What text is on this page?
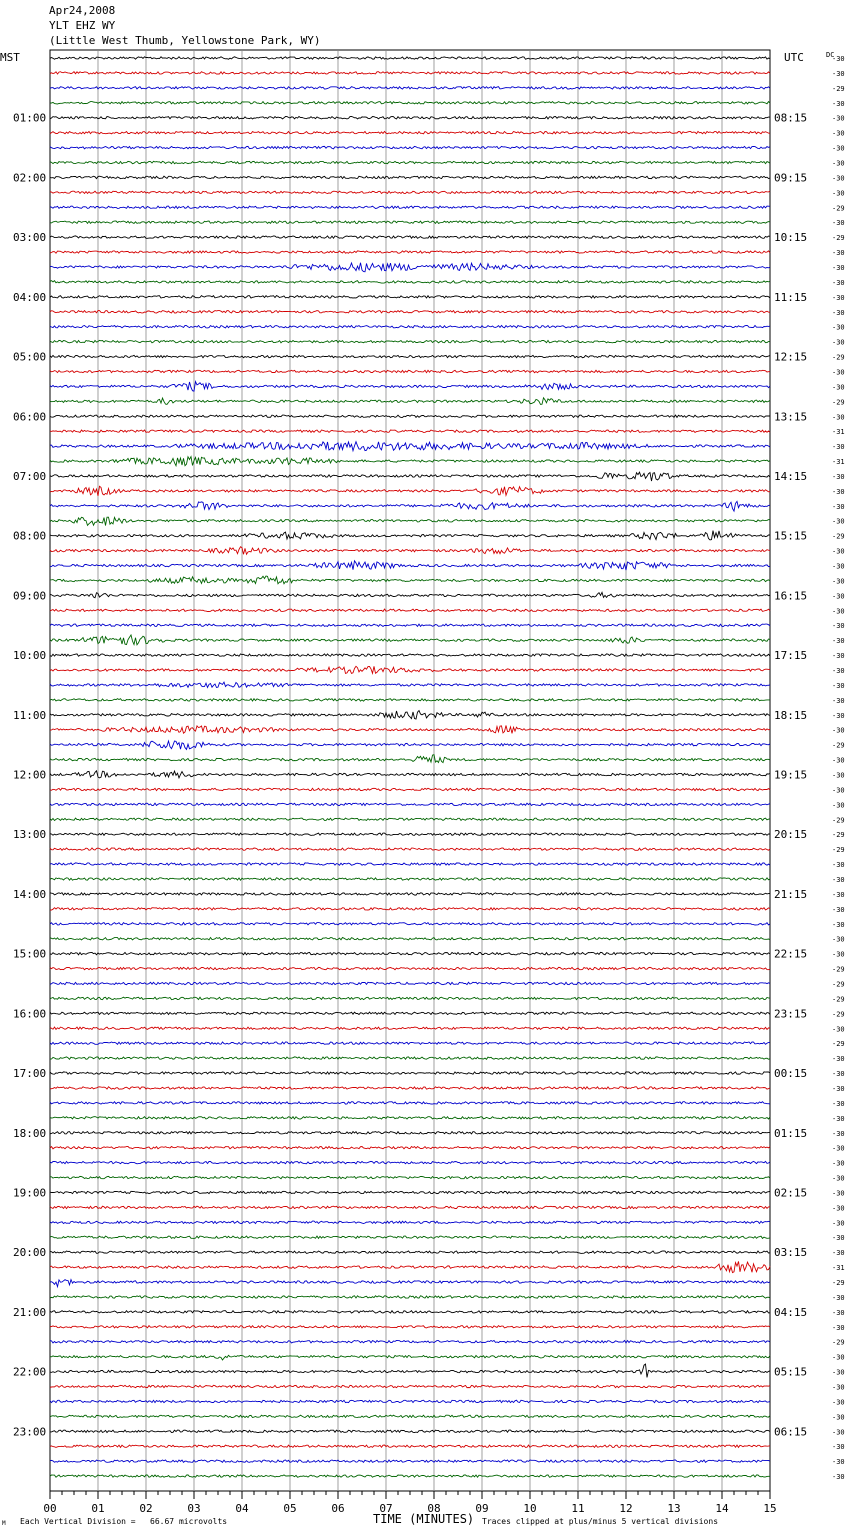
Apr24,2008
YLT EHZ WY
(Little West Thumb, Yellowstone Park, WY)
01:00
02:00
03:00
04:00
05:00
06:00
07:00
08:00
09:00
10:00
11:00
12:00
13:00
14:00
15:00
16:00
17:00
18:00
19:00
20:00
21:00
22:00
23:00
08:15
09:15
10:15
11:15
12:15
13:15
14:15
15:15
16:15
17:15
18:15
19:15
20:15
21:15
22:15
23:15
00:15
01:15
02:15
03:15
04:15
05:15
06:15
-30
-30
-29
-30
-30
-30
-30
-30
-30
-30
-29
-30
-29
-30
-30
-30
-30
-30
-30
-30
-29
-30
-30
-29
-30
-31
-30
-31
-30
-30
-30
-30
-29
-30
-30
-30
-30
-30
-30
-30
-30
-30
-30
-30
-30
-30
-29
-30
-30
-30
-30
-29
-29
-29
-30
-30
-30
-30
-30
-30
-30
-29
-29
-29
-29
-30
-29
-30
-30
-30
-30
-30
-30
-30
-30
-30
-30
-30
-30
-30
-30
-31
-29
-30
-30
-30
-29
-30
-30
-30
-30
-30
-30
-30
-30
-30
00	01	02	03	04	05	06	07	08	09	10	11	12	13	14	15
MST	UTC	DC
TIME (MINUTES)
Each Vertical Division =   66.67 microvolts	Traces clipped at plus/minus 5 vertical divisions
M
